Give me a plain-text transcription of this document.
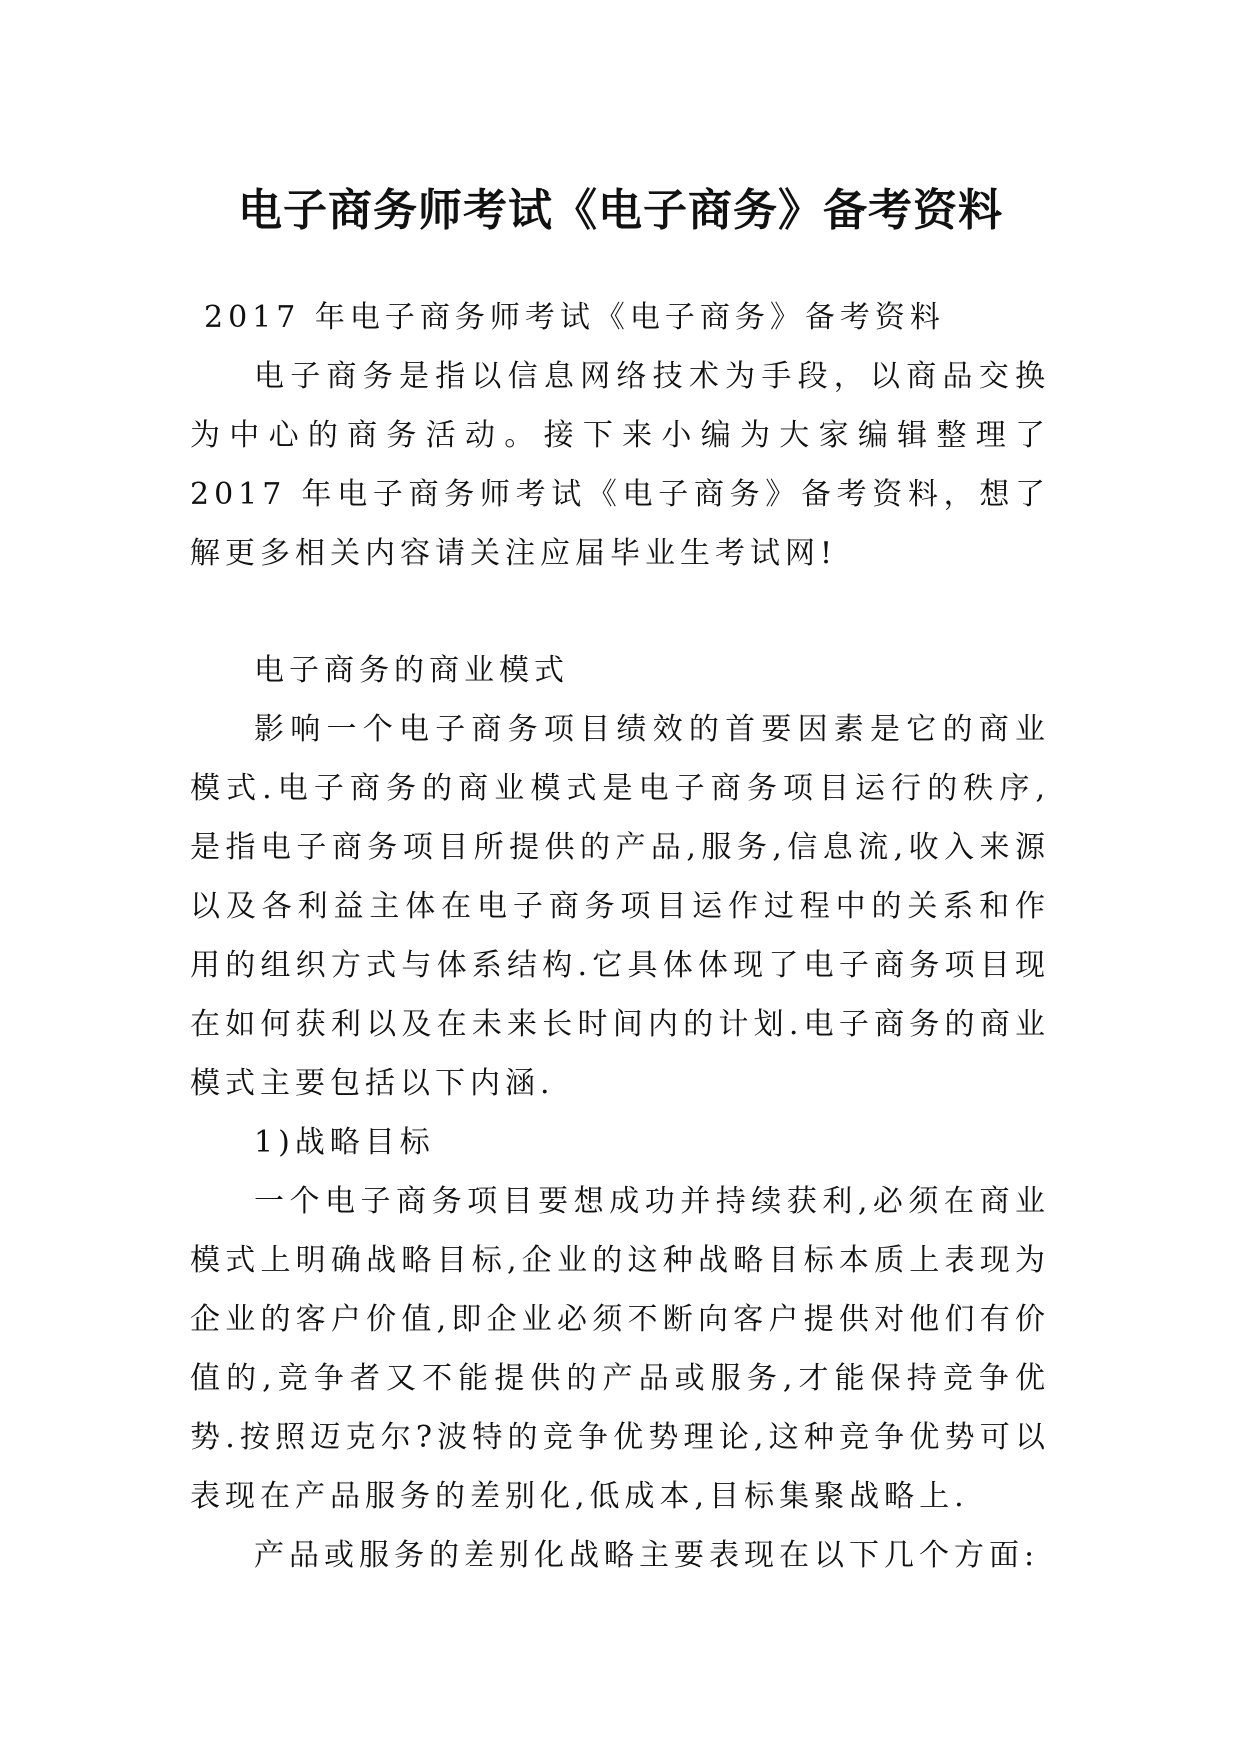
电子商务师考试《电子商务》备考资料

2017 年电子商务师考试《电子商务》备考资料

电子商务是指以信息网络技术为手段，以商品交换为中心的商务活动。接下来小编为大家编辑整理了 2017 年电子商务师考试《电子商务》备考资料，想了解更多相关内容请关注应届毕业生考试网!

电子商务的商业模式

影响一个电子商务项目绩效的首要因素是它的商业模式.电子商务的商业模式是电子商务项目运行的秩序,是指电子商务项目所提供的产品,服务,信息流,收入来源以及各利益主体在电子商务项目运作过程中的关系和作用的组织方式与体系结构.它具体体现了电子商务项目现在如何获利以及在未来长时间内的计划.电子商务的商业模式主要包括以下内涵.

1)战略目标

一个电子商务项目要想成功并持续获利,必须在商业模式上明确战略目标,企业的这种战略目标本质上表现为企业的客户价值,即企业必须不断向客户提供对他们有价值的,竞争者又不能提供的产品或服务,才能保持竞争优势.按照迈克尔?波特的竞争优势理论,这种竞争优势可以表现在产品服务的差别化,低成本,目标集聚战略上.

产品或服务的差别化战略主要表现在以下几个方面:
